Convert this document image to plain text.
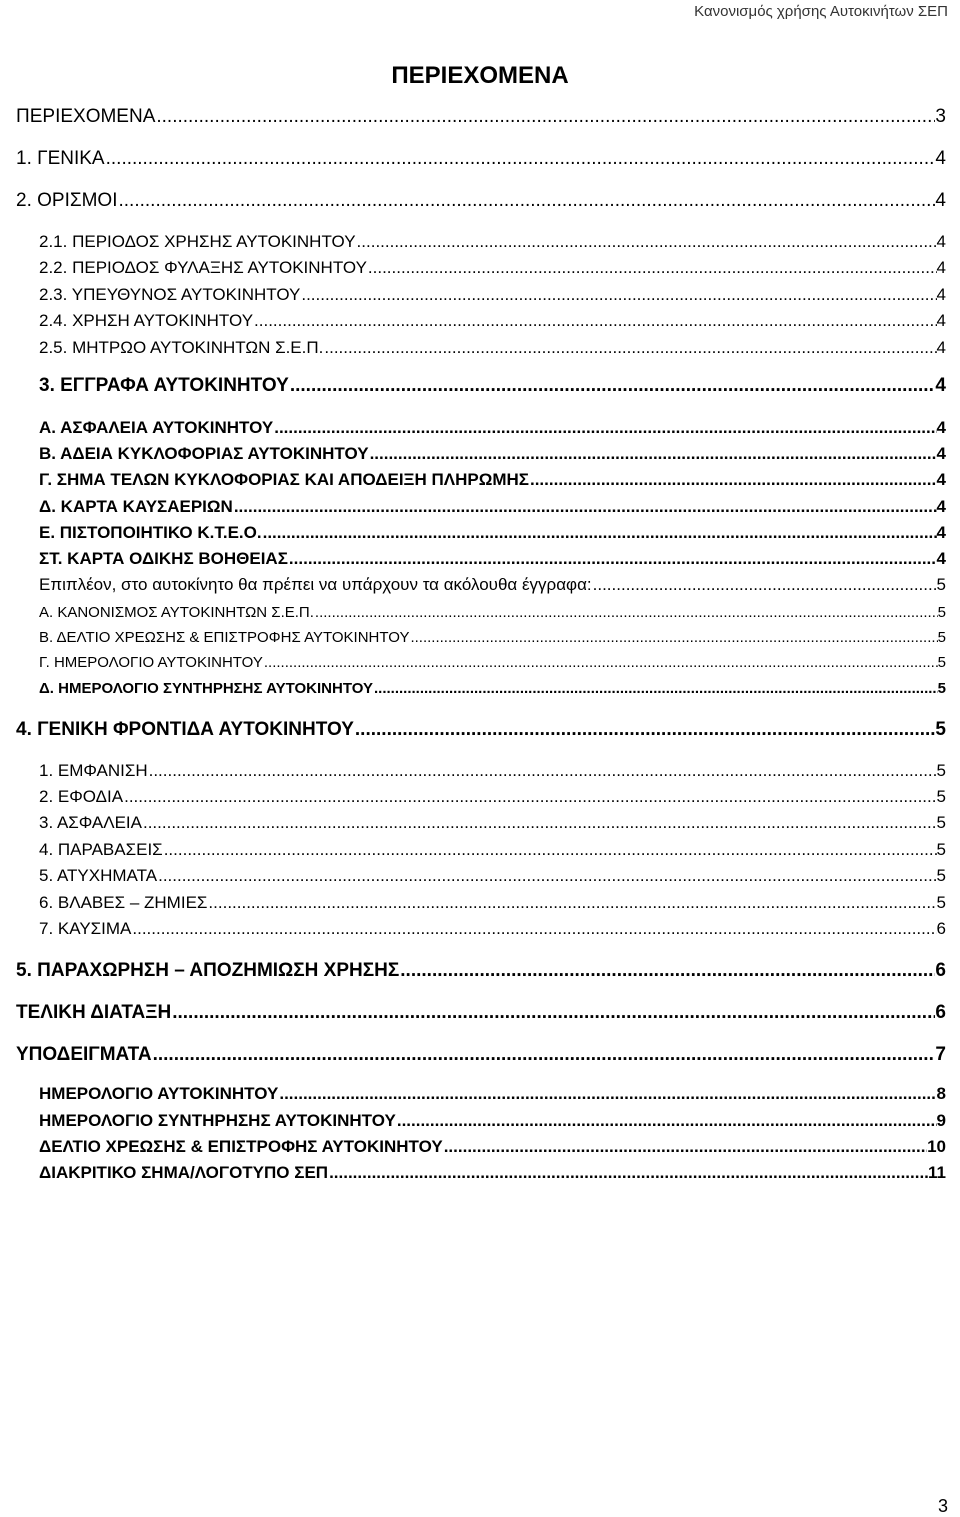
Κανονισμός χρήσης Αυτοκινήτων ΣΕΠ
ΠΕΡΙΕΧΟΜΕΝΑ
ΠΕΡΙΕΧΟΜΕΝΑ .....	3
1. ΓΕΝΙΚΑ .....	4
2. ΟΡΙΣΜΟΙ .....	4
2.1. ΠΕΡΙΟΔΟΣ ΧΡΗΣΗΣ ΑΥΤΟΚΙΝΗΤΟΥ .....	4
2.2. ΠΕΡΙΟΔΟΣ ΦΥΛΑΞΗΣ ΑΥΤΟΚΙΝΗΤΟΥ .....	4
2.3. ΥΠΕΥΘΥΝΟΣ ΑΥΤΟΚΙΝΗΤΟΥ .....	4
2.4. ΧΡΗΣΗ ΑΥΤΟΚΙΝΗΤΟΥ .....	4
2.5. ΜΗΤΡΩΟ ΑΥΤΟΚΙΝΗΤΩΝ Σ.Ε.Π. .....	4
3. ΕΓΓΡΑΦΑ ΑΥΤΟΚΙΝΗΤΟΥ .....	4
Α. ΑΣΦΑΛΕΙΑ ΑΥΤΟΚΙΝΗΤΟΥ .....	4
Β. ΑΔΕΙΑ ΚΥΚΛΟΦΟΡΙΑΣ ΑΥΤΟΚΙΝΗΤΟΥ .....	4
Γ. ΣΗΜΑ ΤΕΛΩΝ ΚΥΚΛΟΦΟΡΙΑΣ ΚΑΙ ΑΠΟΔΕΙΞΗ ΠΛΗΡΩΜΗΣ .....	4
Δ. ΚΑΡΤΑ ΚΑΥΣΑΕΡΙΩΝ .....	4
Ε. ΠΙΣΤΟΠΟΙΗΤΙΚΟ Κ.Τ.Ε.Ο. .....	4
ΣΤ. ΚΑΡΤΑ ΟΔΙΚΗΣ ΒΟΗΘΕΙΑΣ .....	4
Επιπλέον, στο αυτοκίνητο θα πρέπει να υπάρχουν τα ακόλουθα έγγραφα: .....	5
Α. ΚΑΝΟΝΙΣΜΟΣ ΑΥΤΟΚΙΝΗΤΩΝ Σ.Ε.Π. .....	5
Β. ΔΕΛΤΙΟ ΧΡΕΩΣΗΣ & ΕΠΙΣΤΡΟΦΗΣ ΑΥΤΟΚΙΝΗΤΟΥ .....	5
Γ. ΗΜΕΡΟΛΟΓΙΟ ΑΥΤΟΚΙΝΗΤΟΥ .....	5
Δ. ΗΜΕΡΟΛΟΓΙΟ ΣΥΝΤΗΡΗΣΗΣ ΑΥΤΟΚΙΝΗΤΟΥ .....	5
4. ΓΕΝΙΚΗ ΦΡΟΝΤΙΔΑ ΑΥΤΟΚΙΝΗΤΟΥ .....	5
1. ΕΜΦΑΝΙΣΗ .....	5
2. ΕΦΟΔΙΑ .....	5
3. ΑΣΦΑΛΕΙΑ .....	5
4. ΠΑΡΑΒΑΣΕΙΣ .....	5
5. ΑΤΥΧΗΜΑΤΑ .....	5
6. ΒΛΑΒΕΣ – ΖΗΜΙΕΣ .....	5
7. ΚΑΥΣΙΜΑ .....	6
5. ΠΑΡΑΧΩΡΗΣΗ – ΑΠΟΖΗΜΙΩΣΗ ΧΡΗΣΗΣ .....	6
ΤΕΛΙΚΗ ΔΙΑΤΑΞΗ .....	6
ΥΠΟΔΕΙΓΜΑΤΑ .....	7
ΗΜΕΡΟΛΟΓΙΟ ΑΥΤΟΚΙΝΗΤΟΥ .....	8
ΗΜΕΡΟΛΟΓΙΟ ΣΥΝΤΗΡΗΣΗΣ ΑΥΤΟΚΙΝΗΤΟΥ .....	9
ΔΕΛΤΙΟ ΧΡΕΩΣΗΣ & ΕΠΙΣΤΡΟΦΗΣ ΑΥΤΟΚΙΝΗΤΟΥ .....	10
ΔΙΑΚΡΙΤΙΚΟ ΣΗΜΑ/ΛΟΓΟΤΥΠΟ ΣΕΠ .....	11
3
